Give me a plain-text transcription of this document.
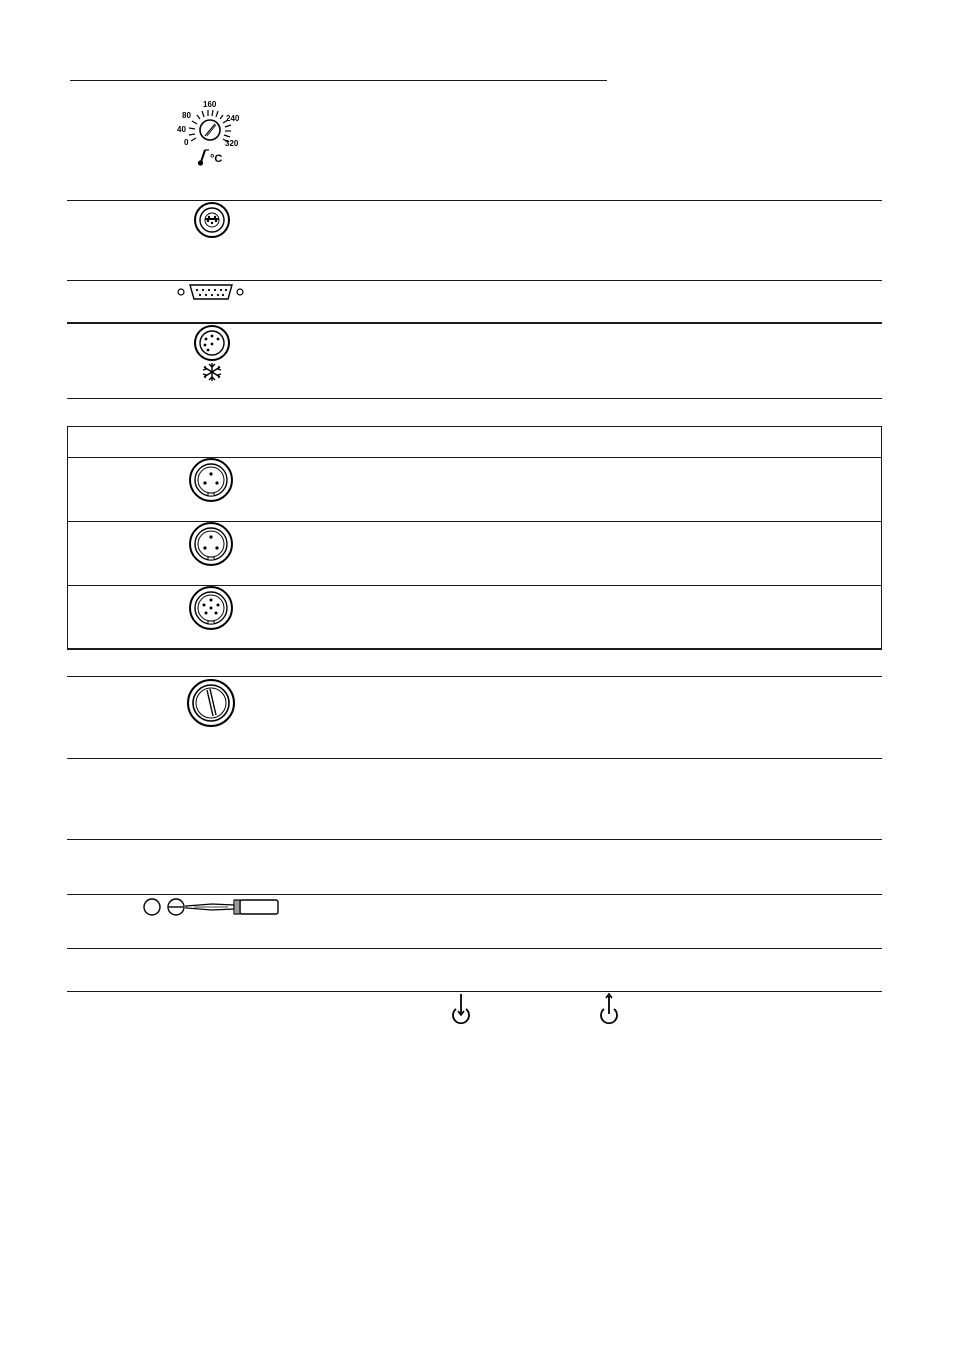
160
80	240
40
0	320
°C
